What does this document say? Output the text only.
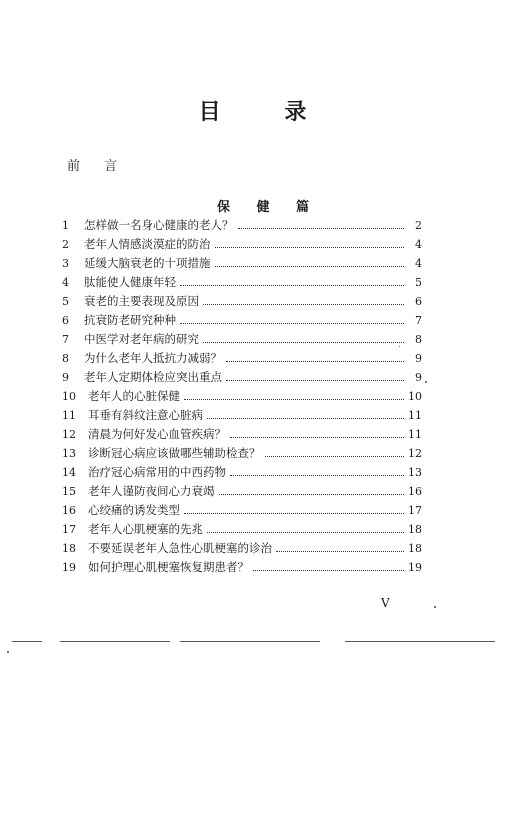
目 录
前 言
保 健 篇
1	怎样做一名身心健康的老人？	2
2	老年人情感淡漠症的防治	4
3	延缓大脑衰老的十项措施	4
4	肽能使人健康年轻	5
5	衰老的主要表现及原因	6
6	抗衰防老研究种种	7
7	中医学对老年病的研究	8
8	为什么老年人抵抗力减弱？	9
9	老年人定期体检应突出重点	9
10	老年人的心脏保健	10
11	耳垂有斜纹注意心脏病	11
12	清晨为何好发心血管疾病？	11
13	诊断冠心病应该做哪些辅助检查？	12
14	治疗冠心病常用的中西药物	13
15	老年人谨防夜间心力衰竭	16
16	心绞痛的诱发类型	17
17	老年人心肌梗塞的先兆	18
18	不要延误老年人急性心肌梗塞的诊治	18
19	如何护理心肌梗塞恢复期患者？	19
V
